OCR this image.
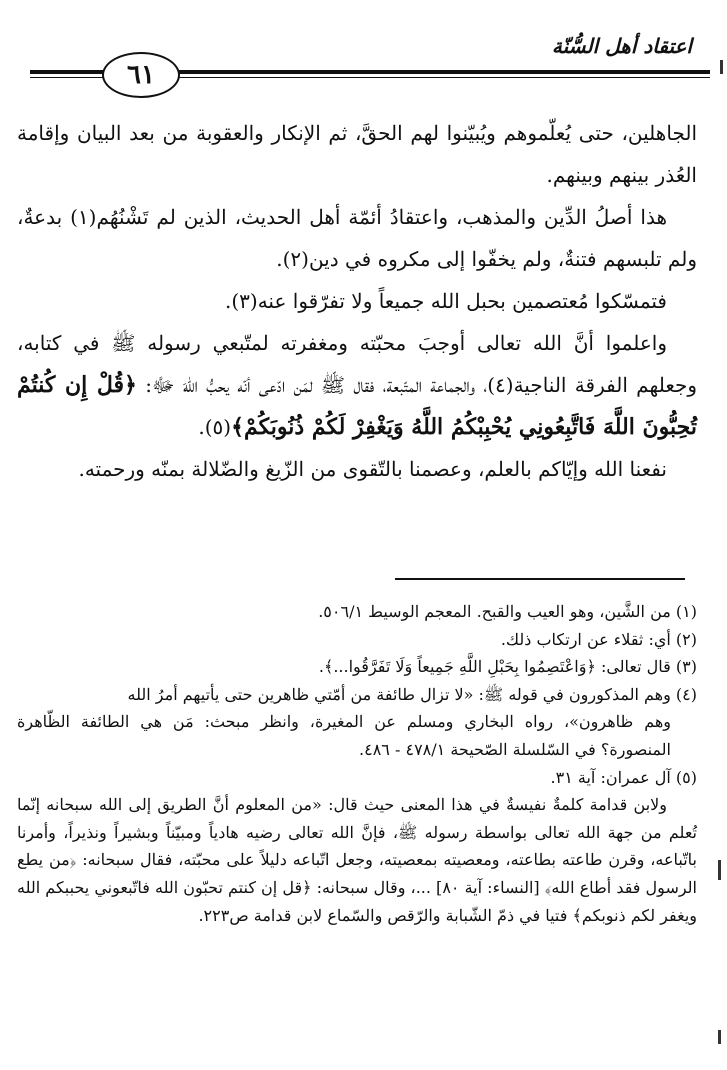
اعتقاد أهل السُّنّة
٦١

الجاهلين، حتى يُعلّموهم ويُبيّنوا لهم الحقَّ، ثم الإنكار والعقوبة من بعد البيان وإقامة العُذر بينهم وبينهم.

هذا أصلُ الدِّين والمذهب، واعتقادُ أئمّة أهل الحديث، الذين لم تَشْنُهُم(١) بدعةٌ، ولم تلبسهم فتنةٌ، ولم يخفّوا إلى مكروه في دين(٢).

فتمسّكوا مُعتصمين بحبل الله جميعاً ولا تفرّقوا عنه(٣).

واعلموا أنَّ الله تعالى أوجبَ محبّته ومغفرته لمتّبعي رسوله ﷺ في كتابه، وجعلهم الفرقة الناجية(٤)، والجماعة المتّبعة، فقال ﷺ لمَن ادّعى أنّه يحبُّ اللهَ ﷻ: ﴿قُلْ إِن كُنتُمْ تُحِبُّونَ اللَّهَ فَاتَّبِعُونِي يُحْبِبْكُمُ اللَّهُ وَيَغْفِرْ لَكُمْ ذُنُوبَكُمْ﴾(٥).

نفعنا الله وإيّاكم بالعلم، وعصمنا بالتّقوى من الزّيغ والضّلالة بمنّه ورحمته.

(١) من الشَّين، وهو العيب والقبح. المعجم الوسيط ٥٠٦/١.

(٢) أي: ثقلاء عن ارتكاب ذلك.

(٣) قال تعالى: ﴿وَاعْتَصِمُوا بِحَبْلِ اللَّهِ جَمِيعاً وَلَا تَفَرَّقُوا...﴾.

(٤) وهم المذكورون في قوله ﷺ: «لا تزال طائفة من أمّتي ظاهرين حتى يأتيهم أمرُ الله

وهم ظاهرون»، رواه البخاري ومسلم عن المغيرة، وانظر مبحث: مَن هي الطائفة الظّاهرة المنصورة؟ في السّلسلة الصّحيحة ٤٧٨/١ - ٤٨٦.

(٥) آل عمران: آية ٣١.

ولابن قدامة كلمةٌ نفيسةٌ في هذا المعنى حيث قال: «من المعلوم أنَّ الطريق إلى الله سبحانه إنّما تُعلم من جهة الله تعالى بواسطة رسوله ﷺ، فإنَّ الله تعالى رضيه هادياً ومبيّناً وبشيراً ونذيراً، وأمرنا باتّباعه، وقرن طاعته بطاعته، ومعصيته بمعصيته، وجعل اتّباعه دليلاً على محبّته، فقال سبحانه: ﴿من يطع الرسول فقد أطاع الله﴾ [النساء: آية ٨٠] ...، وقال سبحانه: ﴿قل إن كنتم تحبّون الله فاتّبعوني يحببكم الله ويغفر لكم ذنوبكم﴾ فتيا في ذمّ الشّبابة والرّقص والسّماع لابن قدامة ص٢٢٣.
